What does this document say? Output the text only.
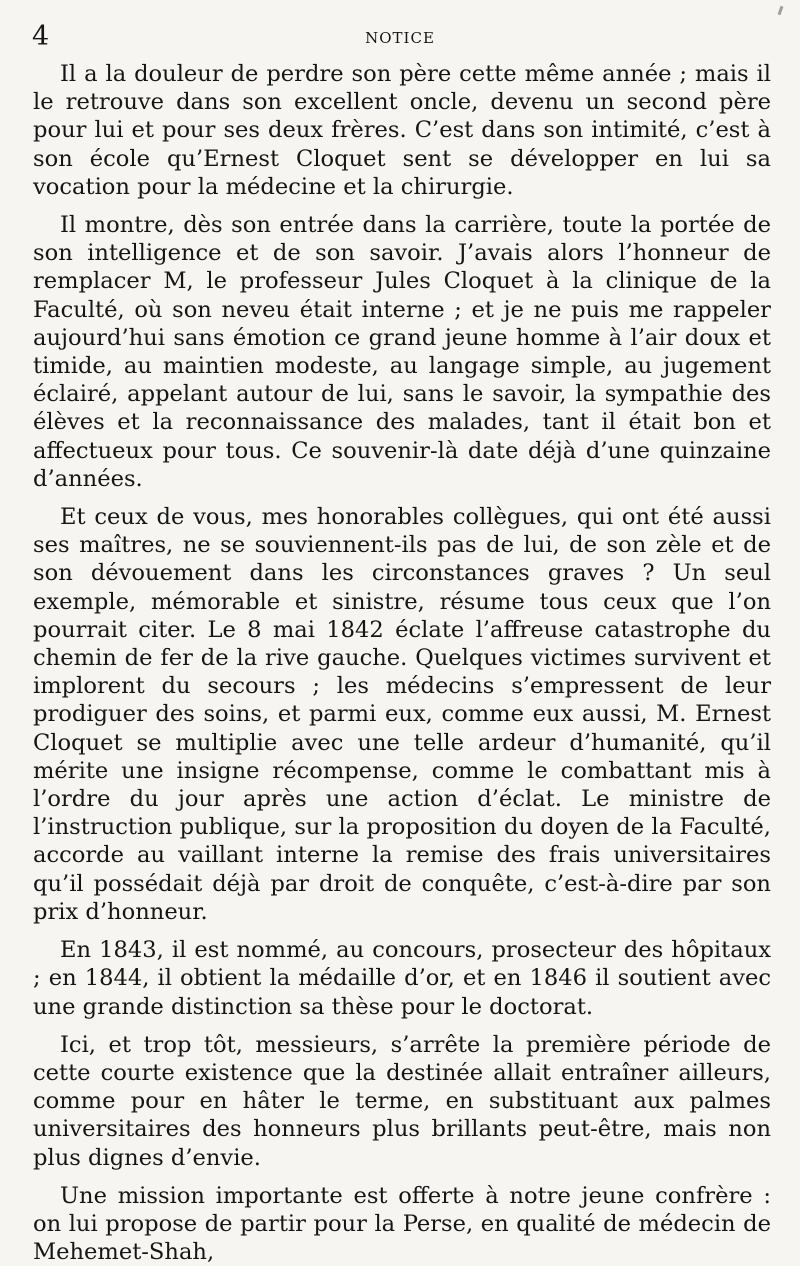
4	NOTICE

Il a la douleur de perdre son père cette même année ; mais il le retrouve dans son excellent oncle, devenu un second père pour lui et pour ses deux frères. C’est dans son intimité, c’est à son école qu’Ernest Cloquet sent se développer en lui sa vocation pour la médecine et la chirurgie.

Il montre, dès son entrée dans la carrière, toute la portée de son intelligence et de son savoir. J’avais alors l’honneur de remplacer M, le professeur Jules Cloquet à la clinique de la Faculté, où son neveu était interne ; et je ne puis me rappeler aujourd’hui sans émotion ce grand jeune homme à l’air doux et timide, au maintien modeste, au langage simple, au jugement éclairé, appelant autour de lui, sans le savoir, la sympathie des élèves et la reconnaissance des malades, tant il était bon et affectueux pour tous. Ce souvenir-là date déjà d’une quinzaine d’années.

Et ceux de vous, mes honorables collègues, qui ont été aussi ses maîtres, ne se souviennent-ils pas de lui, de son zèle et de son dévouement dans les circonstances graves ? Un seul exemple, mémorable et sinistre, résume tous ceux que l’on pourrait citer. Le 8 mai 1842 éclate l’affreuse catastrophe du chemin de fer de la rive gauche. Quelques victimes survivent et implorent du secours ; les médecins s’empressent de leur prodiguer des soins, et parmi eux, comme eux aussi, M. Ernest Cloquet se multiplie avec une telle ardeur d’humanité, qu’il mérite une insigne récompense, comme le combattant mis à l’ordre du jour après une action d’éclat. Le ministre de l’instruction publique, sur la proposition du doyen de la Faculté, accorde au vaillant interne la remise des frais universitaires qu’il possédait déjà par droit de conquête, c’est-à-dire par son prix d’honneur.

En 1843, il est nommé, au concours, prosecteur des hôpitaux ; en 1844, il obtient la médaille d’or, et en 1846 il soutient avec une grande distinction sa thèse pour le doctorat.

Ici, et trop tôt, messieurs, s’arrête la première période de cette courte existence que la destinée allait entraîner ailleurs, comme pour en hâter le terme, en substituant aux palmes universitaires des honneurs plus brillants peut-être, mais non plus dignes d’envie.

Une mission importante est offerte à notre jeune confrère : on lui propose de partir pour la Perse, en qualité de médecin de Mehemet-Shah,
